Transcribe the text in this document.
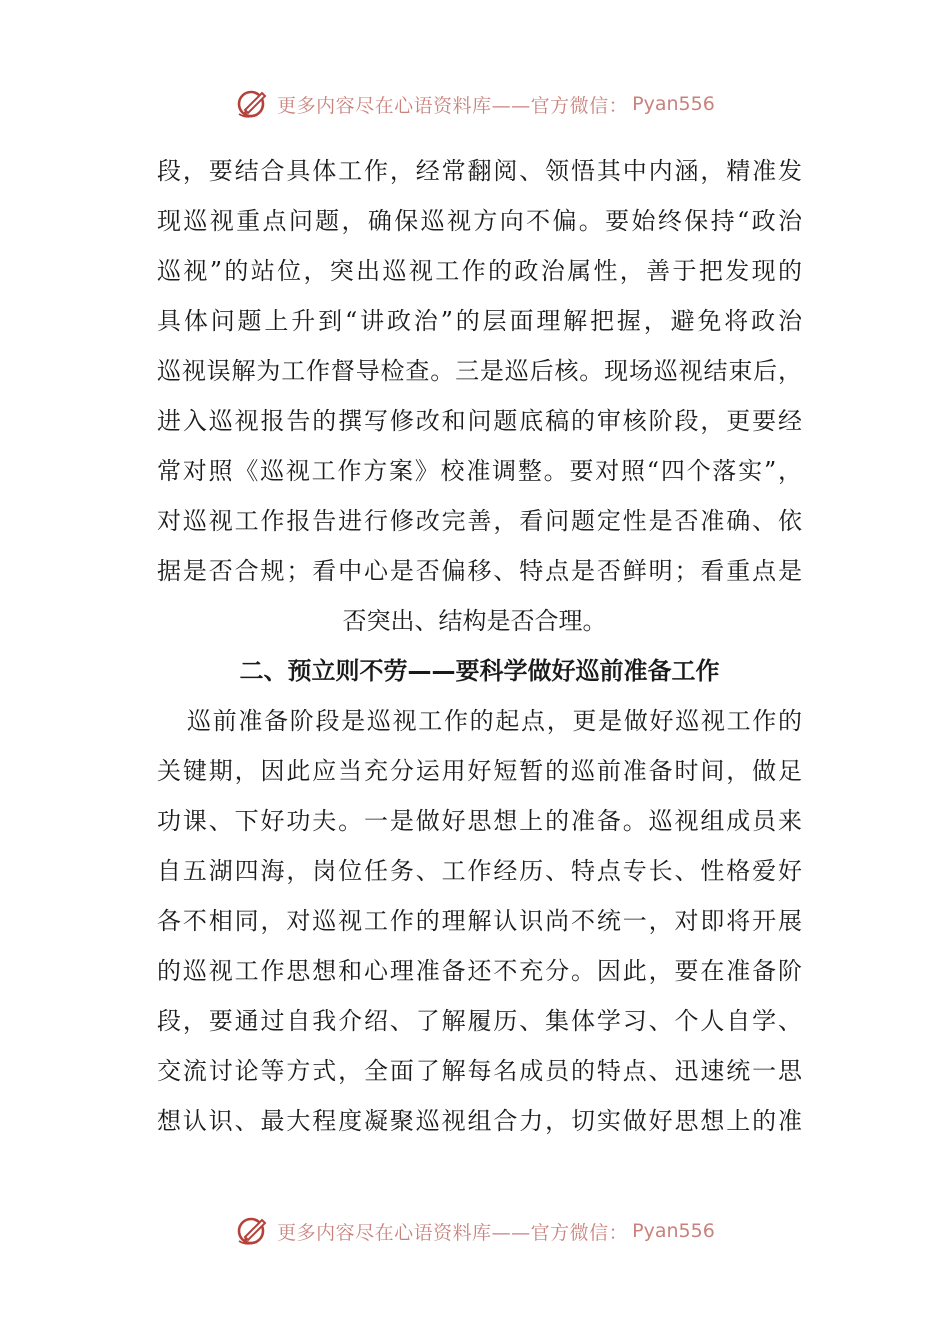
更多内容尽在心语资料库——官方微信： Pyan556
段，要结合具体工作，经常翻阅、领悟其中内涵，精准发
现巡视重点问题，确保巡视方向不偏。要始终保持“政治
巡视”的站位，突出巡视工作的政治属性，善于把发现的
具体问题上升到“讲政治”的层面理解把握，避免将政治
巡视误解为工作督导检查。三是巡后核。现场巡视结束后，
进入巡视报告的撰写修改和问题底稿的审核阶段，更要经
常对照《巡视工作方案》校准调整。要对照“四个落实”，
对巡视工作报告进行修改完善，看问题定性是否准确、依
据是否合规；看中心是否偏移、特点是否鲜明；看重点是
否突出、结构是否合理。
二、预立则不劳——要科学做好巡前准备工作
巡前准备阶段是巡视工作的起点，更是做好巡视工作的
关键期，因此应当充分运用好短暂的巡前准备时间，做足
功课、下好功夫。一是做好思想上的准备。巡视组成员来
自五湖四海，岗位任务、工作经历、特点专长、性格爱好
各不相同，对巡视工作的理解认识尚不统一，对即将开展
的巡视工作思想和心理准备还不充分。因此，要在准备阶
段，要通过自我介绍、了解履历、集体学习、个人自学、
交流讨论等方式，全面了解每名成员的特点、迅速统一思
想认识、最大程度凝聚巡视组合力，切实做好思想上的准
更多内容尽在心语资料库——官方微信： Pyan556
